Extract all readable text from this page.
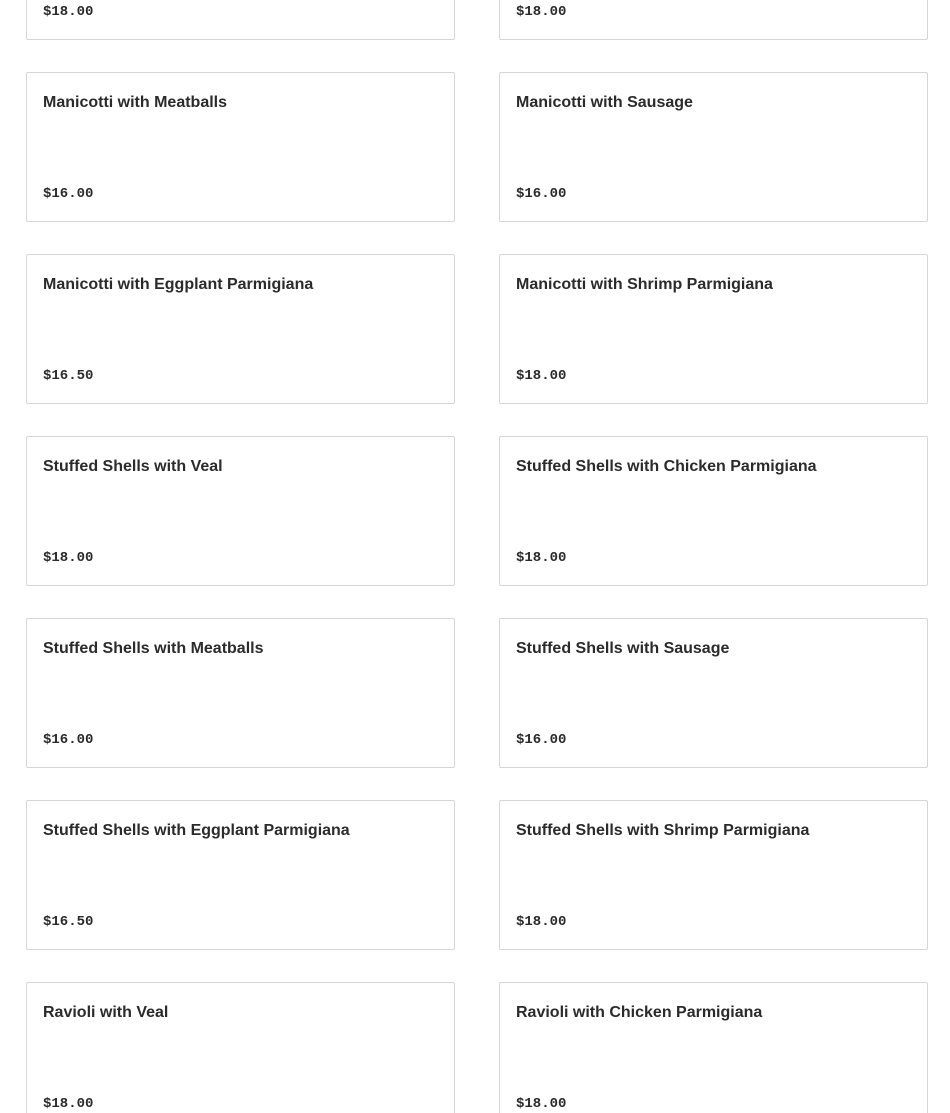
$18.00	$18.00

Manicotti with Meatballs

$16.00

Manicotti with Sausage

$16.00

Manicotti with Eggplant Parmigiana

$16.50

Manicotti with Shrimp Parmigiana

$18.00

Stuffed Shells with Veal

$18.00

Stuffed Shells with Chicken Parmigiana

$18.00

Stuffed Shells with Meatballs

$16.00

Stuffed Shells with Sausage

$16.00

Stuffed Shells with Eggplant Parmigiana

$16.50

Stuffed Shells with Shrimp Parmigiana

$18.00

Ravioli with Veal

$18.00

Ravioli with Chicken Parmigiana

$18.00
